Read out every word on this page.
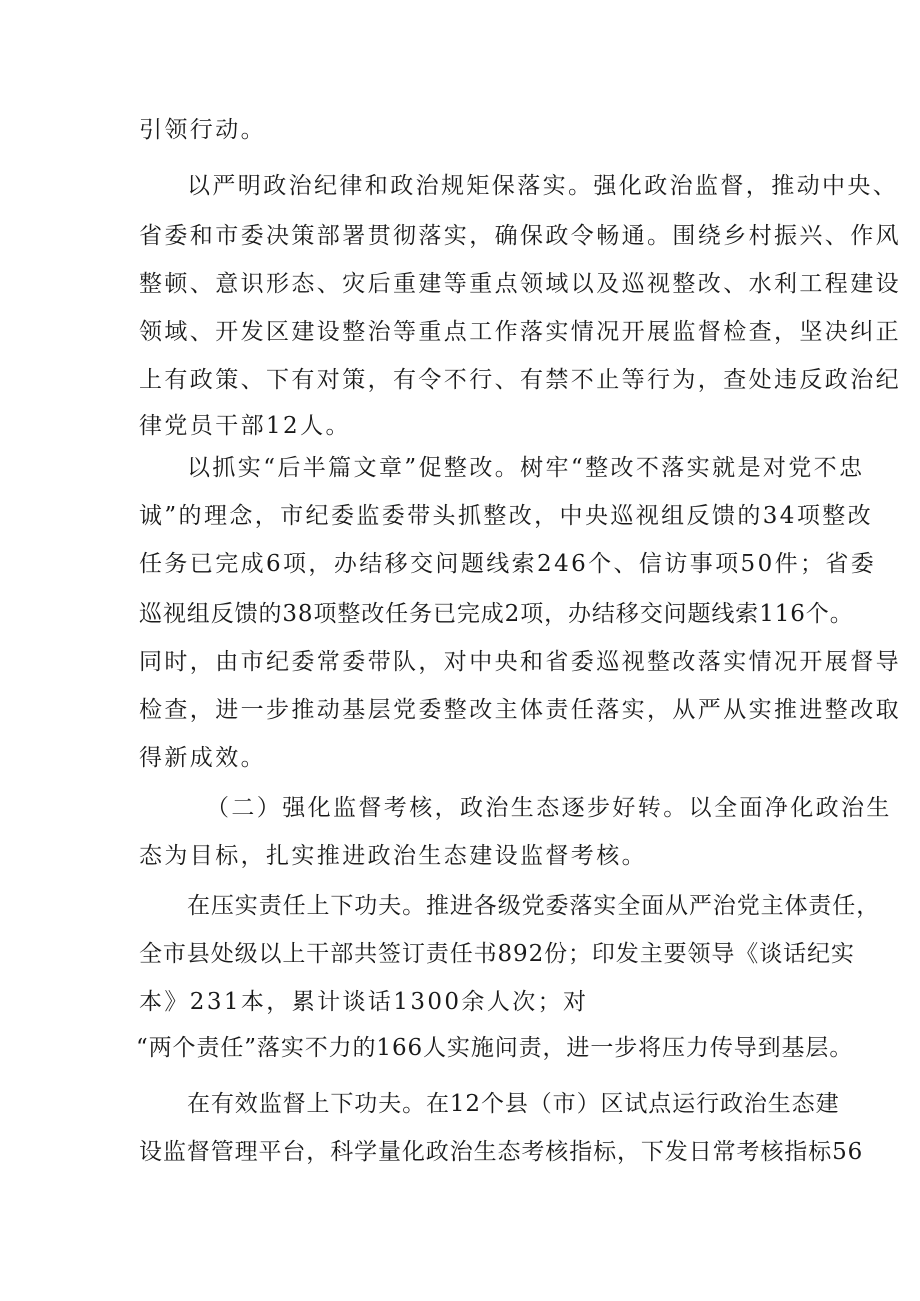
引领行动。
以严明政治纪律和政治规矩保落实。强化政治监督，推动中央、
省委和市委决策部署贯彻落实，确保政令畅通。围绕乡村振兴、作风
整顿、意识形态、灾后重建等重点领域以及巡视整改、水利工程建设
领域、开发区建设整治等重点工作落实情况开展监督检查，坚决纠正
上有政策、下有对策，有令不行、有禁不止等行为，查处违反政治纪
律党员干部12人。
以抓实“后半篇文章”促整改。树牢“整改不落实就是对党不忠
诚”的理念，市纪委监委带头抓整改，中央巡视组反馈的34项整改
任务已完成6项，办结移交问题线索246个、信访事项50件；省委
巡视组反馈的38项整改任务已完成2项，办结移交问题线索116个。
同时，由市纪委常委带队，对中央和省委巡视整改落实情况开展督导
检查，进一步推动基层党委整改主体责任落实，从严从实推进整改取
得新成效。
（二）强化监督考核，政治生态逐步好转。以全面净化政治生
态为目标，扎实推进政治生态建设监督考核。
在压实责任上下功夫。推进各级党委落实全面从严治党主体责任，
全市县处级以上干部共签订责任书892份；印发主要领导《谈话纪实
本》231本，累计谈话1300余人次；对
“两个责任”落实不力的166人实施问责，进一步将压力传导到基层。
在有效监督上下功夫。在12个县（市）区试点运行政治生态建
设监督管理平台，科学量化政治生态考核指标，下发日常考核指标56
